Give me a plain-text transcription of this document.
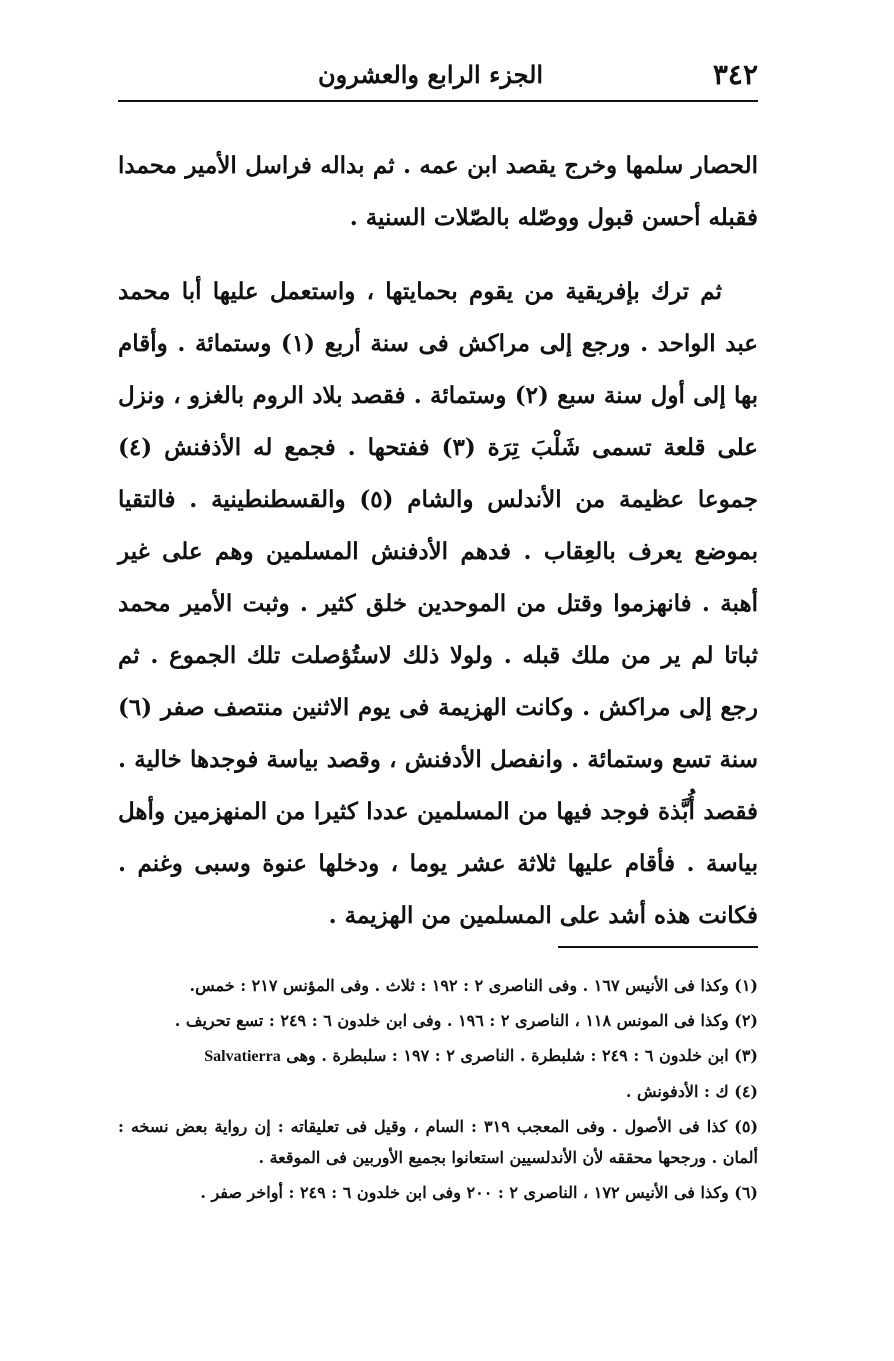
٣٤٢
الجزء الرابع والعشرون

الحصار سلمها وخرج يقصد ابن عمه . ثم بداله فراسل الأمير محمدا فقبله أحسن قبول ووصّله بالصّلات السنية .

ثم ترك بإفريقية من يقوم بحمايتها ، واستعمل عليها أبا محمد عبد الواحد . ورجع إلى مراكش فى سنة أربع (١) وستمائة . وأقام بها إلى أول سنة سبع (٢) وستمائة . فقصد بلاد الروم بالغزو ، ونزل على قلعة تسمى شَلْبَ تِرَة (٣) ففتحها . فجمع له الأذفنش (٤) جموعا عظيمة من الأندلس والشام (٥) والقسطنطينية . فالتقيا بموضع يعرف بالعِقاب . فدهم الأدفنش المسلمين وهم على غير أهبة . فانهزموا وقتل من الموحدين خلق كثير . وثبت الأمير محمد ثباتا لم ير من ملك قبله . ولولا ذلك لاستُؤصلت تلك الجموع . ثم رجع إلى مراكش . وكانت الهزيمة فى يوم الاثنين منتصف صفر (٦) سنة تسع وستمائة . وانفصل الأدفنش ، وقصد بياسة فوجدها خالية . فقصد أُبَّذة فوجد فيها من المسلمين عددا كثيرا من المنهزمين وأهل بياسة . فأقام عليها ثلاثة عشر يوما ، ودخلها عنوة وسبى وغنم . فكانت هذه أشد على المسلمين من الهزيمة .

(١) وكذا فى الأنيس ١٦٧ . وفى الناصرى ٢ : ١٩٢ : ثلاث . وفى المؤنس ٢١٧ : خمس.

(٢) وكذا فى المونس ١١٨ ، الناصرى ٢ : ١٩٦ . وفى ابن خلدون ٦ : ٢٤٩ : تسع تحريف .

(٣) ابن خلدون ٦ : ٢٤٩ : شلبطرة . الناصرى ٢ : ١٩٧ : سلبطرة . وهى Salvatierra

(٤) ك : الأدفونش .

(٥) كذا فى الأصول . وفى المعجب ٣١٩ : السام ، وقيل فى تعليقاته : إن رواية بعض نسخه : ألمان . ورجحها محققه لأن الأندلسيين استعانوا بجميع الأوربين فى الموقعة .

(٦) وكذا فى الأنيس ١٧٢ ، الناصرى ٢ : ٢٠٠ وفى ابن خلدون ٦ : ٢٤٩ : أواخر صفر .
